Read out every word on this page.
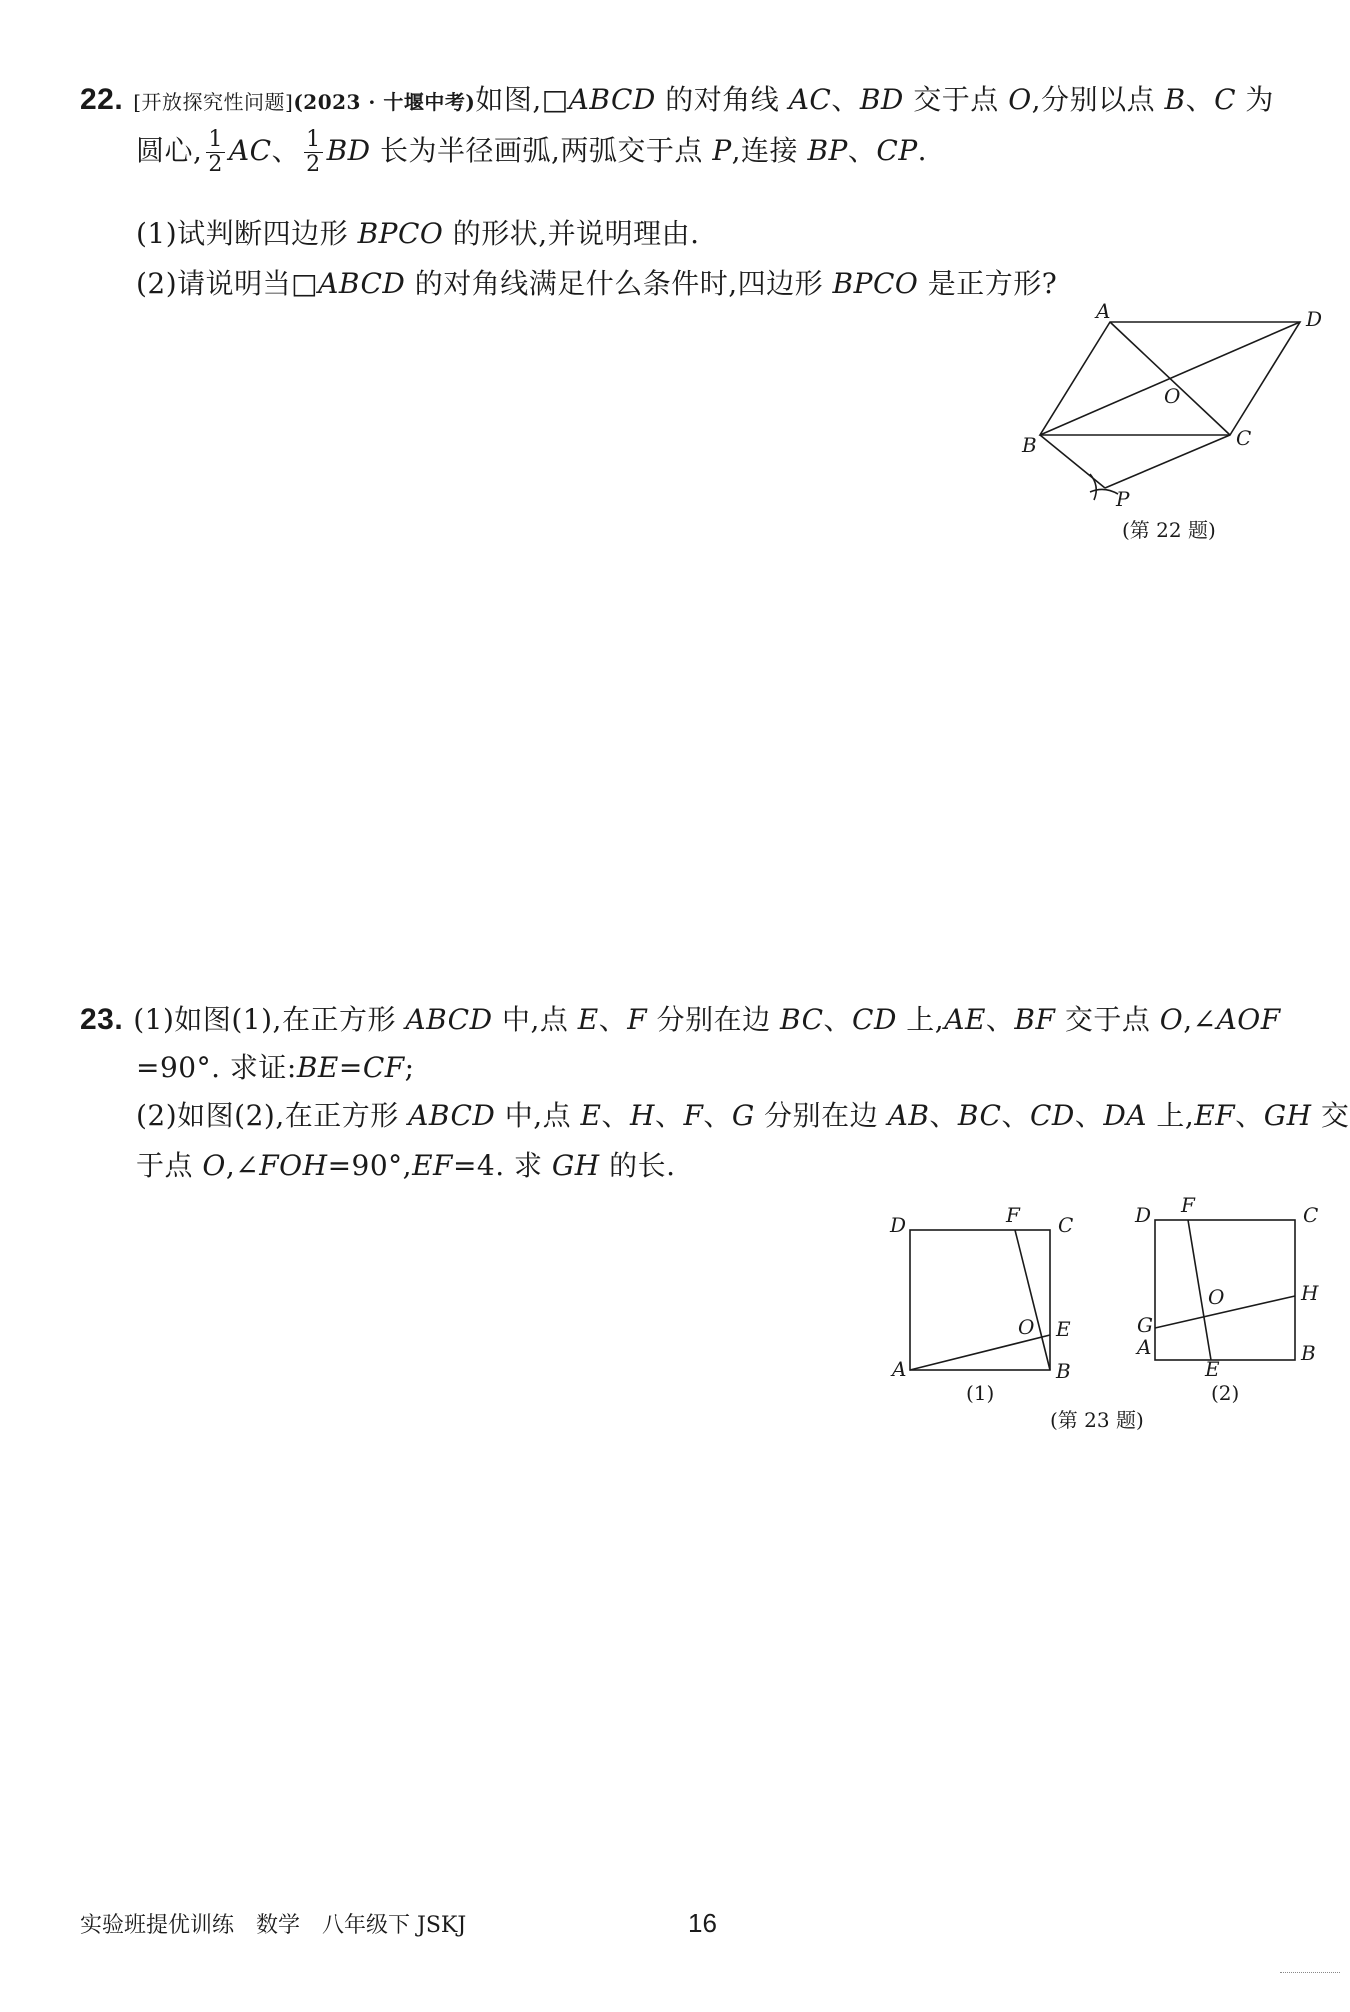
22. [开放探究性问题](2023 · 十堰中考)如图,□ABCD 的对角线 AC、BD 交于点 O,分别以点 B、C 为
圆心, $\frac{1}{2}$ AC、 $\frac{1}{2}$ BD 长为半径画弧,两弧交于点 P,连接 BP、CP.
(1)试判断四边形 BPCO 的形状,并说明理由.
(2)请说明当□ABCD 的对角线满足什么条件时,四边形 BPCO 是正方形?
A	D
O
B	C
P
(第 22 题)
23. (1)如图(1),在正方形 ABCD 中,点 E、F 分别在边 BC、CD 上,AE、BF 交于点 O,∠AOF
=90°. 求证:BE=CF;
(2)如图(2),在正方形 ABCD 中,点 E、H、F、G 分别在边 AB、BC、CD、DA 上,EF、GH 交
于点 O,∠FOH=90°,EF=4. 求 GH 的长.
D	F C
O E
A	B
(1)
D F	C
O	H
G
A
E
B
(2)
(第 23 题)
实验班提优训练 数学 八年级下 JSKJ	16
